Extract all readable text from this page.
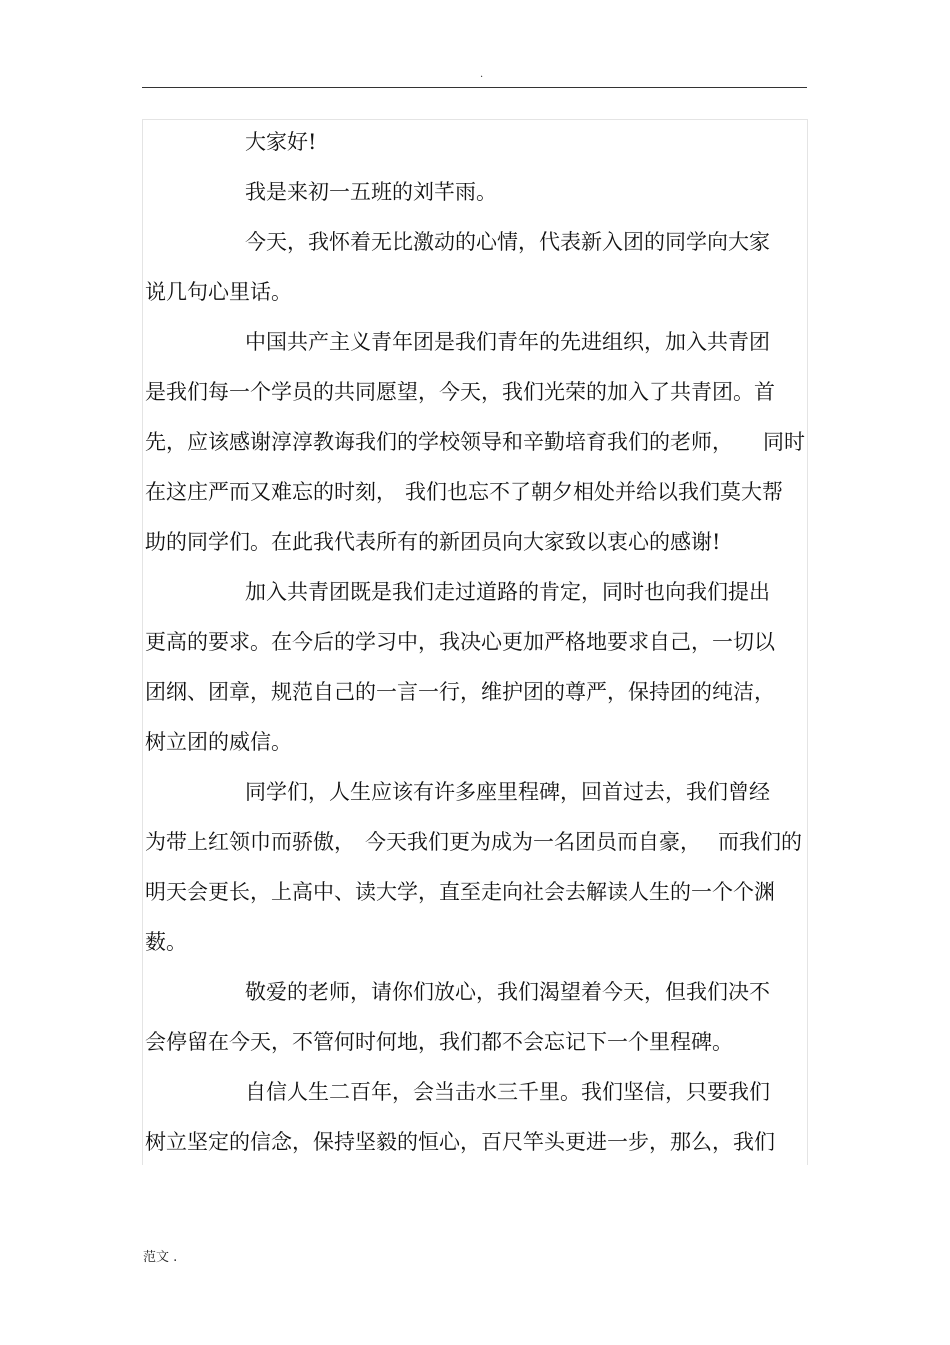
.
大家好!
我是来初一五班的刘芊雨。
今天，我怀着无比激动的心情，代表新入团的同学向大家
说几句心里话。
中国共产主义青年团是我们青年的先进组织，加入共青团
是我们每一个学员的共同愿望，今天，我们光荣的加入了共青团。首
先，应该感谢淳淳教诲我们的学校领导和辛勤培育我们的老师， 同时
在这庄严而又难忘的时刻， 我们也忘不了朝夕相处并给以我们莫大帮
助的同学们。在此我代表所有的新团员向大家致以衷心的感谢!
加入共青团既是我们走过道路的肯定，同时也向我们提出
更高的要求。在今后的学习中，我决心更加严格地要求自己，一切以
团纲、团章，规范自己的一言一行，维护团的尊严，保持团的纯洁，
树立团的威信。
同学们，人生应该有许多座里程碑，回首过去，我们曾经
为带上红领巾而骄傲， 今天我们更为成为一名团员而自豪， 而我们的
明天会更长，上高中、读大学，直至走向社会去解读人生的一个个渊
薮。
敬爱的老师，请你们放心，我们渴望着今天，但我们决不
会停留在今天，不管何时何地，我们都不会忘记下一个里程碑。
自信人生二百年，会当击水三千里。我们坚信，只要我们
树立坚定的信念，保持坚毅的恒心，百尺竿头更进一步，那么，我们
范文 .
